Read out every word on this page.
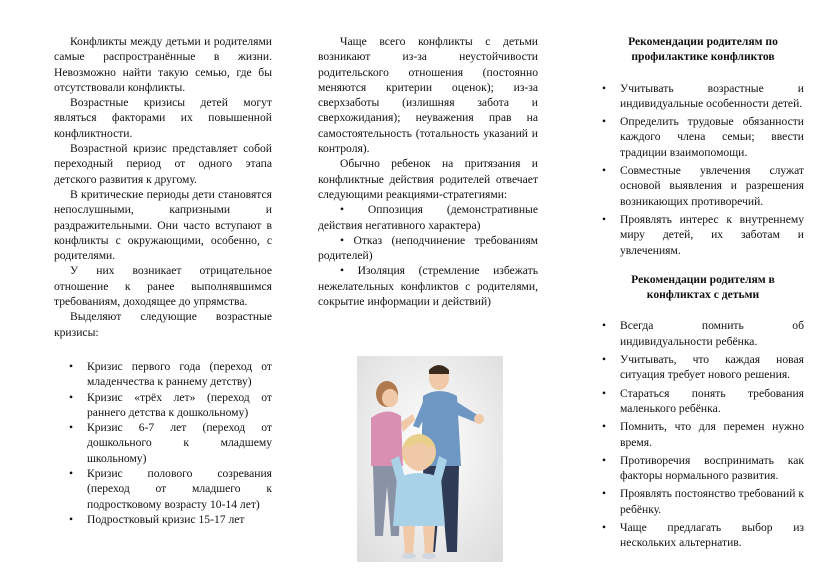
Конфликты между детьми и родителями самые распространённые в жизни. Невозможно найти такую семью, где бы отсутствовали конфликты.

Возрастные кризисы детей могут являться факторами их повышенной конфликтности.

Возрастной кризис представляет собой переходный период от одного этапа детского развития к другому.

В критические периоды дети становятся непослушными, капризными и раздражительными. Они часто вступают в конфликты с окружающими, особенно, с родителями.

У них возникает отрицательное отношение к ранее выполнявшимся требованиям, доходящее до упрямства.

Выделяют следующие возрастные кризисы:

• Кризис первого года (переход от младенчества к раннему детству)
• Кризис «трёх лет» (переход от раннего детства к дошкольному)
• Кризис 6-7 лет (переход от дошкольного к младшему школьному)
• Кризис полового созревания (переход от младшего к подростковому возрасту 10-14 лет)
• Подростковый кризис 15-17 лет

Чаще всего конфликты с детьми возникают из-за неустойчивости родительского отношения (постоянно меняются критерии оценок); из-за сверхзаботы (излишняя забота и сверхожидания); неуважения прав на самостоятельность (тотальность указаний и контроля).

Обычно ребенок на притязания и конфликтные действия родителей отвечает следующими реакциями-стратегиями:

• Оппозиция (демонстративные действия негативного характера)

• Отказ (неподчинение требованиям родителей)

• Изоляция (стремление избежать нежелательных конфликтов с родителями, сокрытие информации и действий)

Рекомендации родителям по профилактике конфликтов
• Учитывать возрастные и индивидуальные особенности детей.
• Определить трудовые обязанности каждого члена семьи; ввести традиции взаимопомощи.
• Совместные увлечения служат основой выявления и разрешения возникающих противоречий.
• Проявлять интерес к внутреннему миру детей, их заботам и увлечениям.
Рекомендации родителям в конфликтах с детьми
• Всегда помнить об индивидуальности ребёнка.
• Учитывать, что каждая новая ситуация требует нового решения.
• Стараться понять требования маленького ребёнка.
• Помнить, что для перемен нужно время.
• Противоречия воспринимать как факторы нормального развития.
• Проявлять постоянство требований к ребёнку.
• Чаще предлагать выбор из нескольких альтернатив.
